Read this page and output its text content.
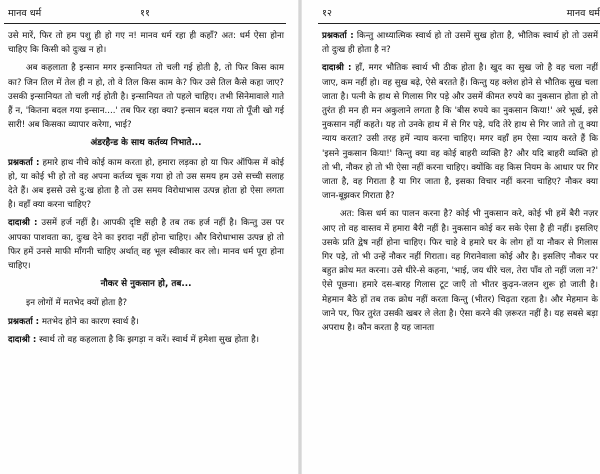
मानव धर्म	११

उसे मारें, फिर तो हम पशु ही हो गए न! मानव धर्म रहा ही कहाँ? अत: धर्म ऐसा होना चाहिए कि किसी को दुःख न हो।

अब कहलाता है इन्सान मगर इन्सानियत तो चली गई होती है, तो फिर किस काम का? जिन तिल में तेल ही न हो, तो वे तिल किस काम के? फिर उसे तिल कैसे कहा जाए? उसकी इन्सानियत तो चली गई होती है। इन्सानियत तो पहले चाहिए। तभी सिनेमावाले गाते हैं न, 'कितना बदल गया इन्सान....' तब फिर रहा क्या? इन्सान बदल गया तो पूँजी खो गई सारी! अब किसका व्यापार करेगा, भाई?

अंडरहैन्ड के साथ कर्तव्य निभाते...

प्रश्नकर्ता : हमारे हाथ नीचे कोई काम करता हो, हमारा लड़का हो या फिर ऑफिस में कोई हो, या कोई भी हो तो वह अपना कर्तव्य चूक गया हो तो उस समय हम उसे सच्ची सलाह देते हैं। अब इससे उसे दु:ख होता है तो उस समय विरोधाभास उत्पन्न होता हो ऐसा लगता है। वहाँ क्या करना चाहिए?

दादाश्री : उसमें हर्ज नहीं है। आपकी दृष्टि सही है तब तक हर्ज नहीं है। किन्तु उस पर आपका पाशवता का, दुःख देने का इरादा नहीं होना चाहिए। और विरोधाभास उत्पन्न हो तो फिर हमें उनसे माफी माँगनी चाहिए अर्थात् वह भूल स्वीकार कर लो। मानव धर्म पूरा होना चाहिए।

नौकर से नुकसान हो, तब...

इन लोगों में मतभेद क्यों होता है?

प्रश्नकर्ता : मतभेद होने का कारण स्वार्थ है।

दादाश्री : स्वार्थ तो वह कहलाता है कि झगड़ा न करें। स्वार्थ में हमेशा सुख होता है।

१२	मानव धर्म

प्रश्नकर्ता : किन्तु आध्यात्मिक स्वार्थ हो तो उसमें सुख होता है, भौतिक स्वार्थ हो तो उसमें तो दुःख ही होता है न?

दादाश्री : हाँ, मगर भौतिक स्वार्थ भी ठीक होता है। खुद का सुख जो है वह चला नहीं जाए, कम नहीं हो। वह सुख बढ़े, ऐसे बरतते हैं। किन्तु यह क्लेश होने से भौतिक सुख चला जाता है। पत्नी के हाथ से गिलास गिर पड़े और उसमें कीमत रुपये का नुकसान होता हो तो तुरंत ही मन ही मन अकुलाने लगता है कि 'बीस रुपये का नुकसान किया!' अरे भूर्ख, इसे नुकसान नहीं कहते। यह तो उनके हाथ में से गिर पड़े, यदि तेरे हाथ से गिर जाते तो तू क्या न्याय करता? उसी तरह हमें न्याय करना चाहिए। मगर वहाँ हम ऐसा न्याय करते हैं कि 'इसने नुकसान किया!' किन्तु क्या वह कोई बाहरी व्यक्ति है? और यदि बाहरी व्यक्ति हो तो भी, नौकर हो तो भी ऐसा नहीं करना चाहिए। क्योंकि वह किस नियम के आधार पर गिर जाता है, वह गिराता है या गिर जाता है, इसका विचार नहीं करना चाहिए? नौकर क्या जान-बूझकर गिराता है?

अत: किस धर्म का पालन करना है? कोई भी नुकसान करे, कोई भी हमें बैरी नज़र आए तो वह वास्तव में हमारा बैरी नहीं है। नुकसान कोई कर सके ऐसा है ही नहीं। इसलिए उसके प्रति द्वेष नहीं होना चाहिए। फिर चाहे वे हमारे घर के लोग हों या नौकर से गिलास गिर पड़े, तो भी उन्हें नौकर नहीं गिराता। वह गिरानेवाला कोई और है। इसलिए नौकर पर बहुत क्रोध मत करना। उसे धीरे-से कहना, 'भाई, जय धीरे चल, तेरा पाँव तो नहीं जला न?' ऐसे पूछना। हमारे दस-बारह गिलास टूट जाएँ तो भीतर कुढ़न-जलन शुरू हो जाती है। मेहमान बैठे हों तब तक क्रोध नहीं करता किन्तु (भीतर) चिढ़ता रहता है। और मेहमान के जाने पर, फिर तुरंत उसकी खबर ले लेता है। ऐसा करने की ज़रूरत नहीं है। यह सबसे बड़ा अपराध है। कौन करता है यह जानता
